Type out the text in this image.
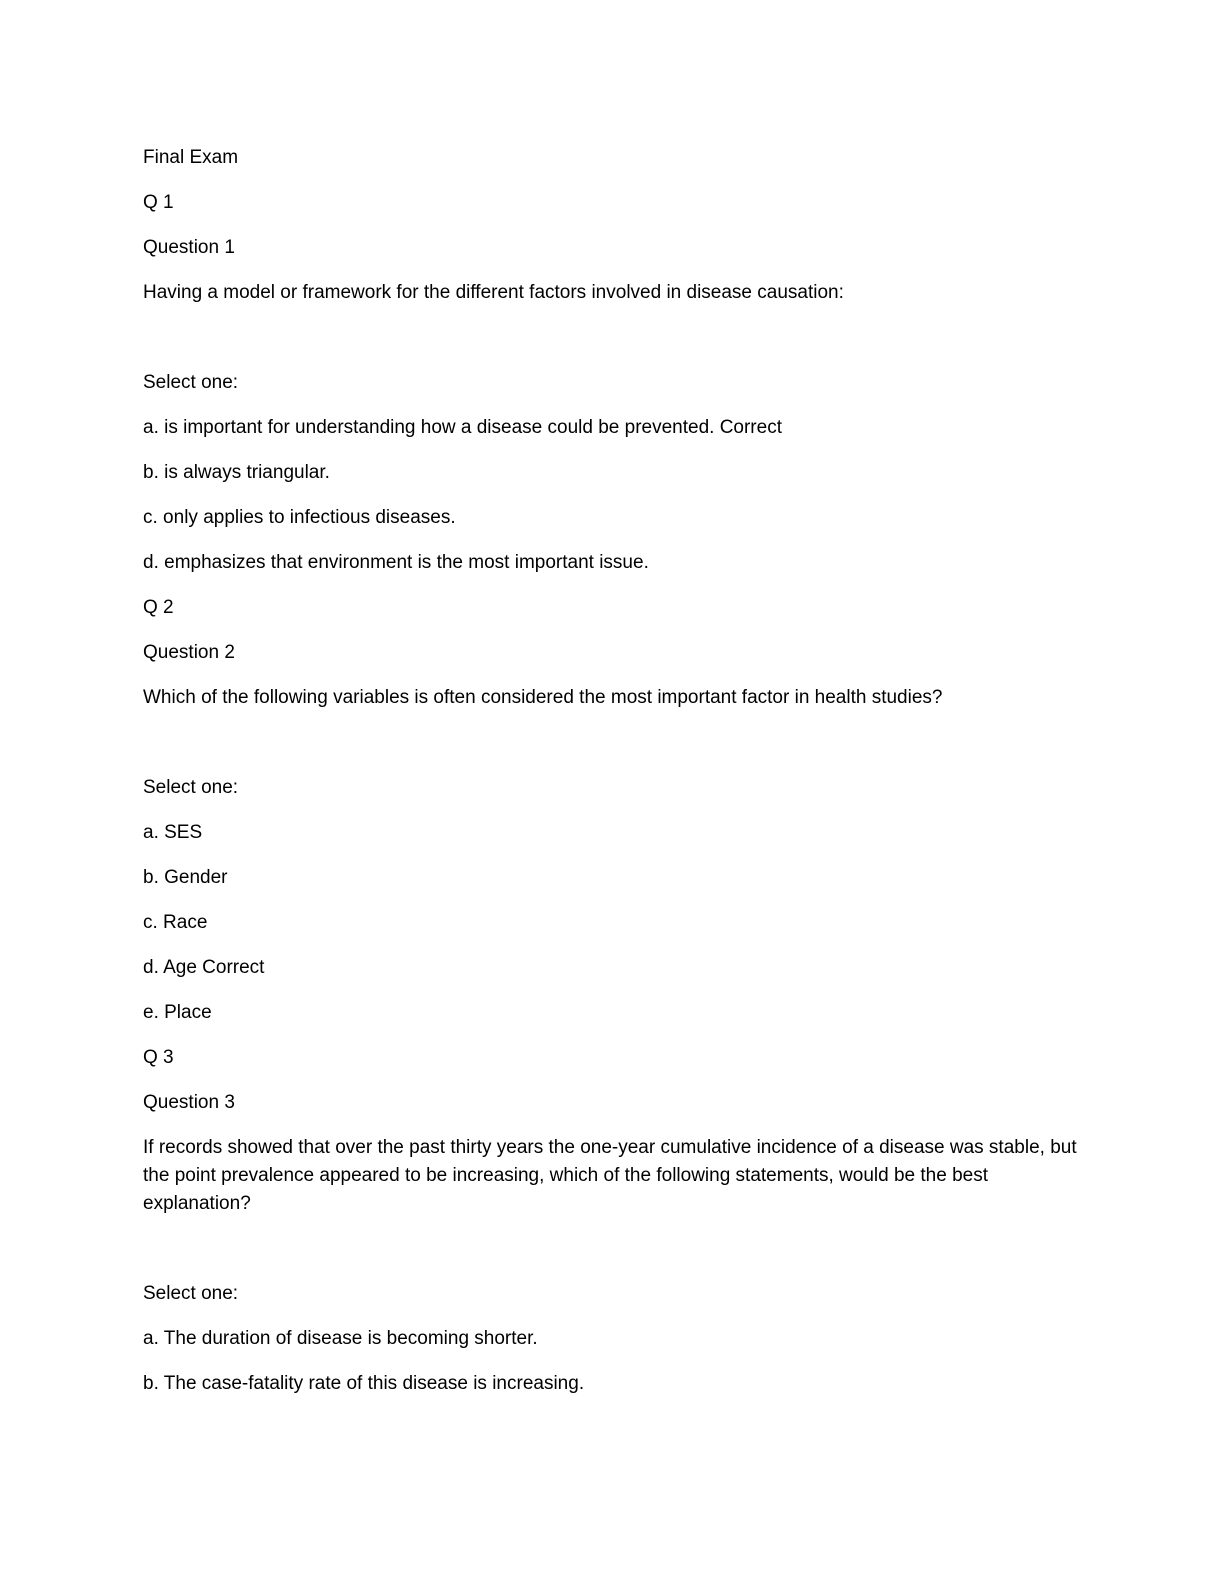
Final Exam
Q 1
Question 1
Having a model or framework for the different factors involved in disease causation:
Select one:
a. is important for understanding how a disease could be prevented. Correct
b. is always triangular.
c. only applies to infectious diseases.
d. emphasizes that environment is the most important issue.
Q 2
Question 2
Which of the following variables is often considered the most important factor in health studies?
Select one:
a. SES
b. Gender
c. Race
d. Age Correct
e. Place
Q 3
Question 3
If records showed that over the past thirty years the one-year cumulative incidence of a disease was stable, but the point prevalence appeared to be increasing, which of the following statements, would be the best explanation?
Select one:
a. The duration of disease is becoming shorter.
b. The case-fatality rate of this disease is increasing.
